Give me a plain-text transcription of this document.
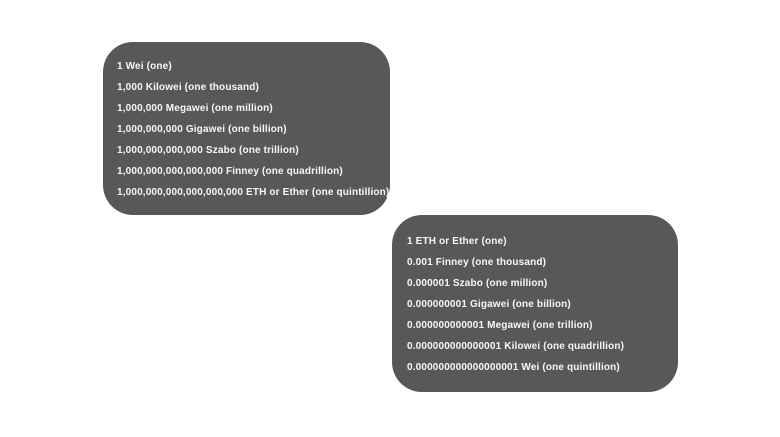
1 Wei (one)
1,000 Kilowei (one thousand)
1,000,000 Megawei (one million)
1,000,000,000 Gigawei (one billion)
1,000,000,000,000 Szabo (one trillion)
1,000,000,000,000,000 Finney (one quadrillion)
1,000,000,000,000,000,000 ETH or Ether (one quintillion)
1 ETH or Ether (one)
0.001 Finney (one thousand)
0.000001 Szabo (one million)
0.000000001 Gigawei (one billion)
0.000000000001 Megawei (one trillion)
0.000000000000001 Kilowei (one quadrillion)
0.000000000000000001 Wei (one quintillion)
